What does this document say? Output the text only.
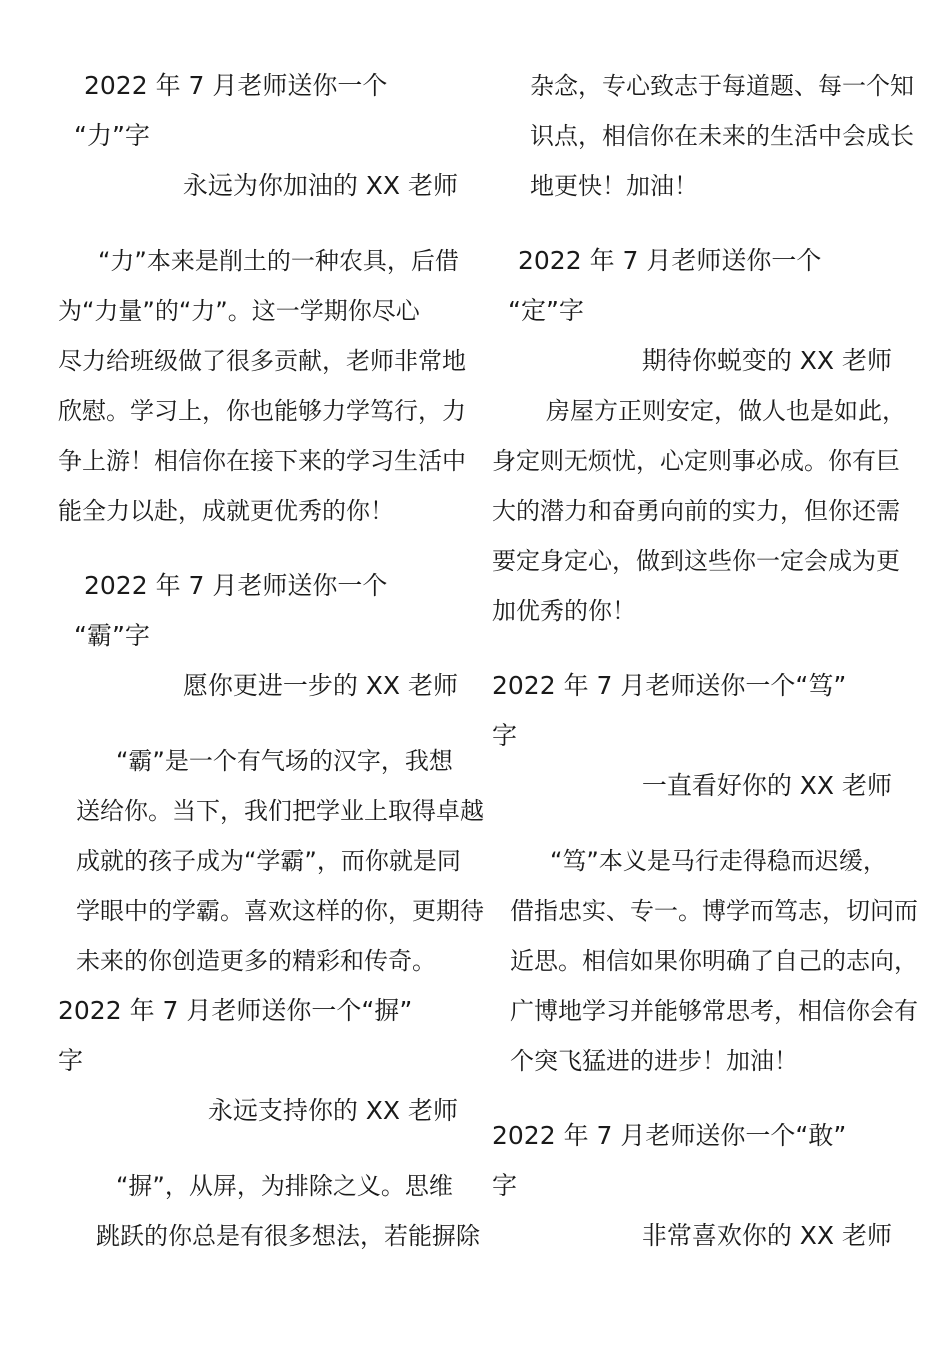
2022 年 7 月老师送你一个
“力”字
永远为你加油的 XX 老师
“力”本来是削土的一种农具，后借
为“力量”的“力”。这一学期你尽心
尽力给班级做了很多贡献，老师非常地
欣慰。学习上，你也能够力学笃行，力
争上游！相信你在接下来的学习生活中
能全力以赴，成就更优秀的你！
2022 年 7 月老师送你一个
“霸”字
愿你更进一步的 XX 老师
“霸”是一个有气场的汉字，我想
送给你。当下，我们把学业上取得卓越
成就的孩子成为“学霸”，而你就是同
学眼中的学霸。喜欢这样的你，更期待
未来的你创造更多的精彩和传奇。
2022 年 7 月老师送你一个“摒”
字
永远支持你的 XX 老师
“摒”，从屏，为排除之义。思维
跳跃的你总是有很多想法，若能摒除
杂念，专心致志于每道题、每一个知
识点，相信你在未来的生活中会成长
地更快！加油！
2022 年 7 月老师送你一个
“定”字
期待你蜕变的 XX 老师
房屋方正则安定，做人也是如此，
身定则无烦忧，心定则事必成。你有巨
大的潜力和奋勇向前的实力，但你还需
要定身定心，做到这些你一定会成为更
加优秀的你！
2022 年 7 月老师送你一个“笃”
字
一直看好你的 XX 老师
“笃”本义是马行走得稳而迟缓，
借指忠实、专一。博学而笃志，切问而
近思。相信如果你明确了自己的志向，
广博地学习并能够常思考，相信你会有
个突飞猛进的进步！加油！
2022 年 7 月老师送你一个“敢”
字
非常喜欢你的 XX 老师
